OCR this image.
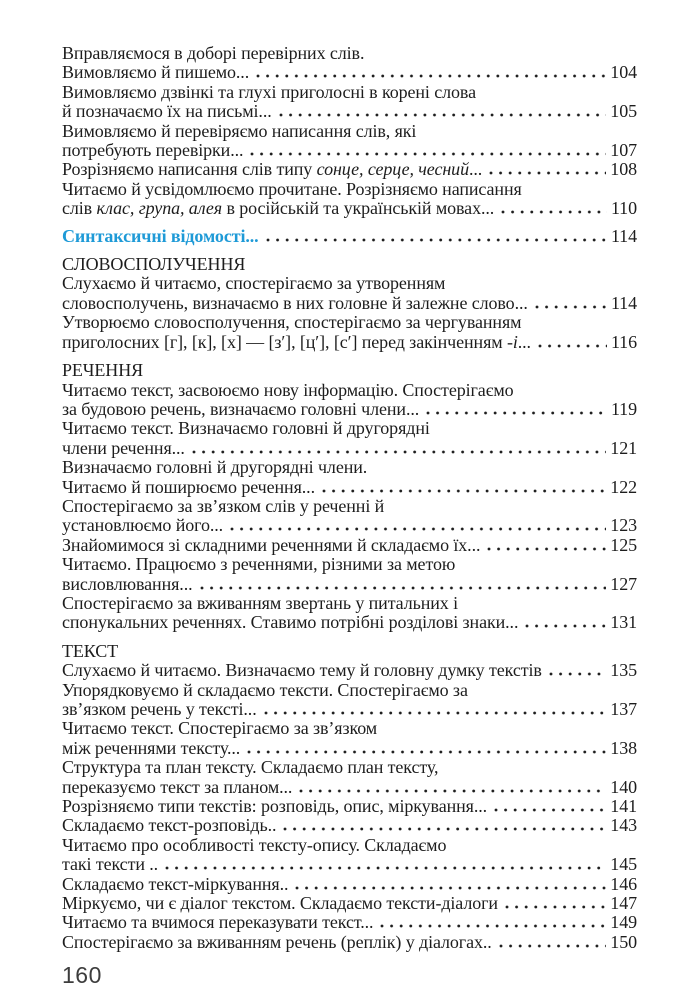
Вправляємося в доборі перевірних слів.
Вимовляємо й пишемо...	104
Вимовляємо дзвінкі та глухі приголосні в корені слова
й позначаємо їх на письмі...	105
Вимовляємо й перевіряємо написання слів, які
потребують перевірки...	107
Розрізняємо написання слів типу сонце, серце, чесний...	108
Читаємо й усвідомлюємо прочитане. Розрізняємо написання
слів клас, група, алея в російській та українській мовах...	110
Синтаксичні відомості...	114
СЛОВОСПОЛУЧЕННЯ
Слухаємо й читаємо, спостерігаємо за утворенням
словосполучень, визначаємо в них головне й залежне слово...	114
Утворюємо словосполучення, спостерігаємо за чергуванням
приголосних [г], [к], [х] — [з′], [ц′], [с′] перед закінченням -і...	116
РЕЧЕННЯ
Читаємо текст, засвоюємо нову інформацію. Спостерігаємо
за будовою речень, визначаємо головні члени...	119
Читаємо текст. Визначаємо головні й другорядні
члени речення...	121
Визначаємо головні й другорядні члени.
Читаємо й поширюємо речення...	122
Спостерігаємо за зв’язком слів у реченні й
установлюємо його...	123
Знайомимося зі складними реченнями й складаємо їх...	125
Читаємо. Працюємо з реченнями, різними за метою
висловлювання...	127
Спостерігаємо за вживанням звертань у питальних і
спонукальних реченнях. Ставимо потрібні розділові знаки...	131
ТЕКСТ
Слухаємо й читаємо. Визначаємо тему й головну думку текстів	135
Упорядковуємо й складаємо тексти. Спостерігаємо за
зв’язком речень у тексті...	137
Читаємо текст. Спостерігаємо за зв’язком
між реченнями тексту...	138
Структура та план тексту. Складаємо план тексту,
переказуємо текст за планом...	140
Розрізняємо типи текстів: розповідь, опис, міркування...	141
Складаємо текст-розповідь..	143
Читаємо про особливості тексту-опису. Складаємо
такі тексти ..	145
Складаємо текст-міркування..	146
Міркуємо, чи є діалог текстом. Складаємо тексти-діалоги	147
Читаємо та вчимося переказувати текст...	149
Спостерігаємо за вживанням речень (реплік) у діалогах..	150
160
